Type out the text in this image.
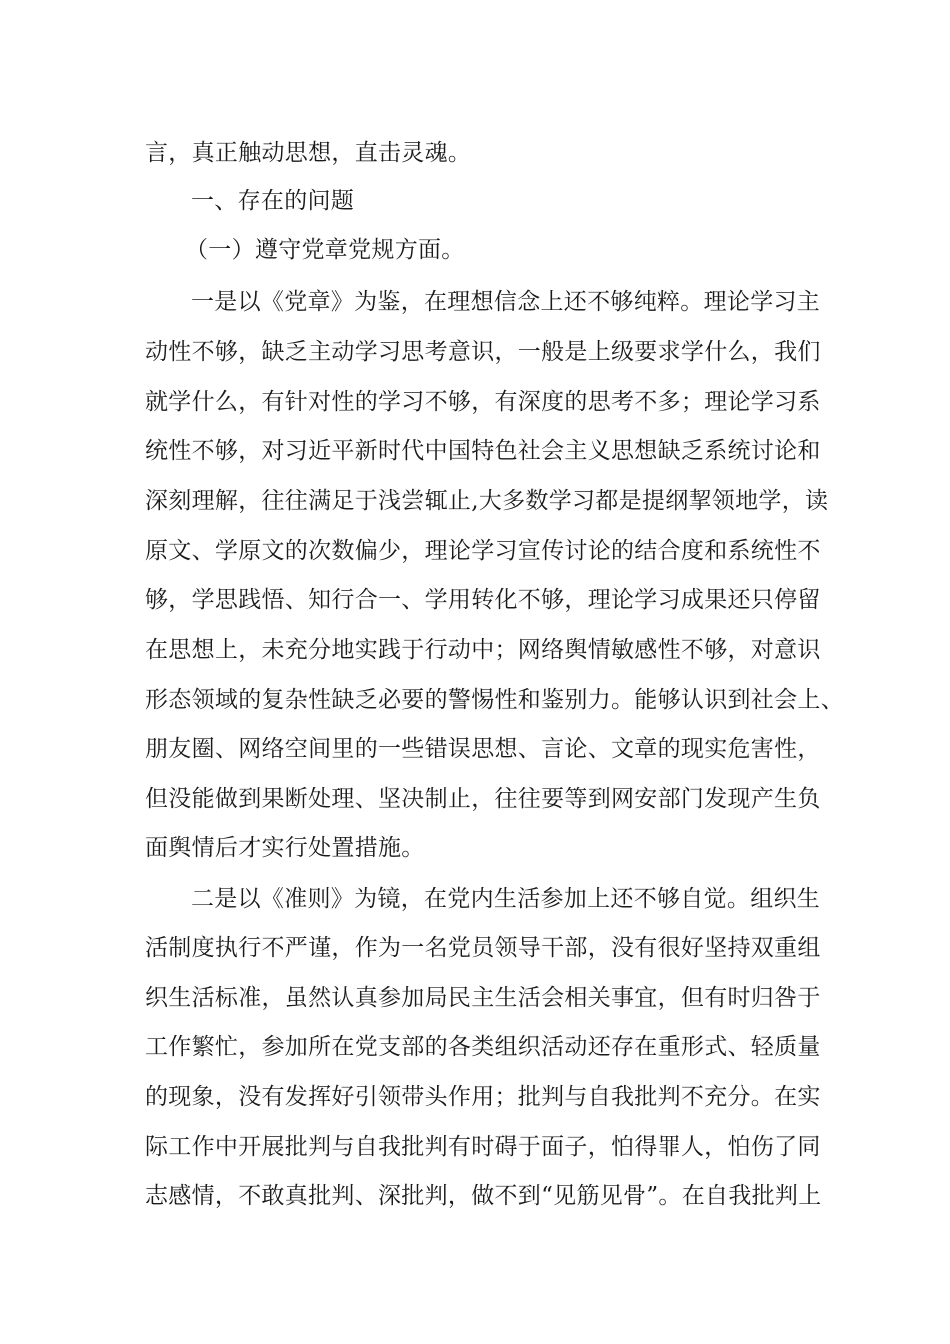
言，真正触动思想，直击灵魂。
一、存在的问题
（一）遵守党章党规方面。
一是以《党章》为鉴，在理想信念上还不够纯粹。理论学习主
动性不够，缺乏主动学习思考意识，一般是上级要求学什么，我们
就学什么，有针对性的学习不够，有深度的思考不多；理论学习系
统性不够，对习近平新时代中国特色社会主义思想缺乏系统讨论和
深刻理解，往往满足于浅尝辄止,大多数学习都是提纲挈领地学，读
原文、学原文的次数偏少，理论学习宣传讨论的结合度和系统性不
够，学思践悟、知行合一、学用转化不够，理论学习成果还只停留
在思想上，未充分地实践于行动中；网络舆情敏感性不够，对意识
形态领域的复杂性缺乏必要的警惕性和鉴别力。能够认识到社会上、
朋友圈、网络空间里的一些错误思想、言论、文章的现实危害性，
但没能做到果断处理、坚决制止，往往要等到网安部门发现产生负
面舆情后才实行处置措施。
二是以《准则》为镜，在党内生活参加上还不够自觉。组织生
活制度执行不严谨，作为一名党员领导干部，没有很好坚持双重组
织生活标准，虽然认真参加局民主生活会相关事宜，但有时归咎于
工作繁忙，参加所在党支部的各类组织活动还存在重形式、轻质量
的现象，没有发挥好引领带头作用；批判与自我批判不充分。在实
际工作中开展批判与自我批判有时碍于面子，怕得罪人，怕伤了同
志感情，不敢真批判、深批判，做不到“见筋见骨”。在自我批判上
